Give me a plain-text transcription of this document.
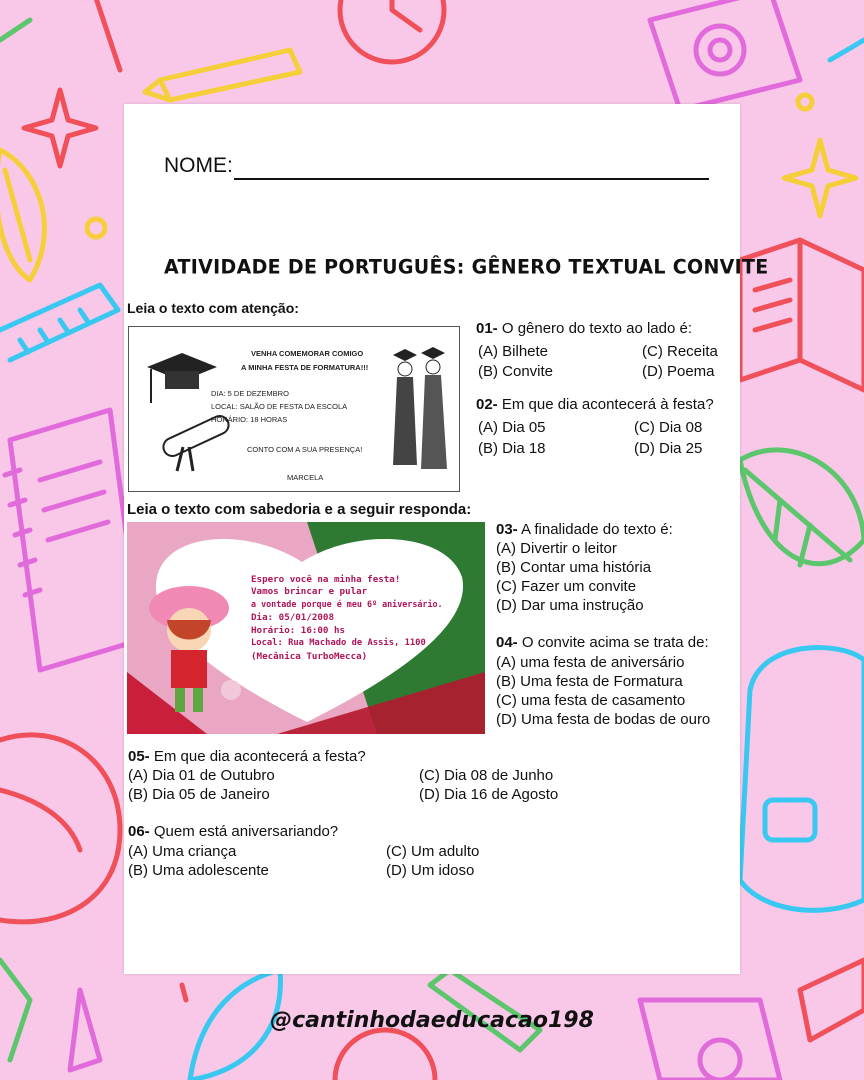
NOME:
ATIVIDADE DE PORTUGUÊS: GÊNERO TEXTUAL CONVITE
Leia o texto com atenção:
VENHA COMEMORAR COMIGO
A MINHA FESTA DE FORMATURA!!!
DIA: 5 DE DEZEMBRO
LOCAL: SALÃO DE FESTA DA ESCOLA
HORÁRIO: 18 HORAS
CONTO COM A SUA PRESENÇA!
MARCELA
01- O gênero do texto ao lado é:
(A) Bilhete	(C) Receita
(B) Convite	(D) Poema
02- Em que dia acontecerá à festa?
(A) Dia 05	(C) Dia 08
(B) Dia 18	(D) Dia 25
Leia o texto com sabedoria e a seguir responda:
Espero você na minha festa!
Vamos brincar e pular
a vontade porque é meu 6º aniversário.
Dia: 05/01/2008
Horário: 16:00 hs
Local: Rua Machado de Assis, 1100
(Mecânica TurboMecca)
03- A finalidade do texto é:
(A) Divertir o leitor
(B) Contar uma história
(C) Fazer um convite
(D) Dar uma instrução
04- O convite acima se trata de:
(A) uma festa de aniversário
(B) Uma festa de Formatura
(C) uma festa de casamento
(D) Uma festa de bodas de ouro
05- Em que dia acontecerá a festa?
(A) Dia 01 de Outubro	(C) Dia 08 de Junho
(B) Dia 05 de Janeiro	(D) Dia 16 de Agosto
06- Quem está aniversariando?
(A) Uma criança	(C) Um adulto
(B) Uma adolescente	(D) Um idoso
@cantinhodaeducacao198
